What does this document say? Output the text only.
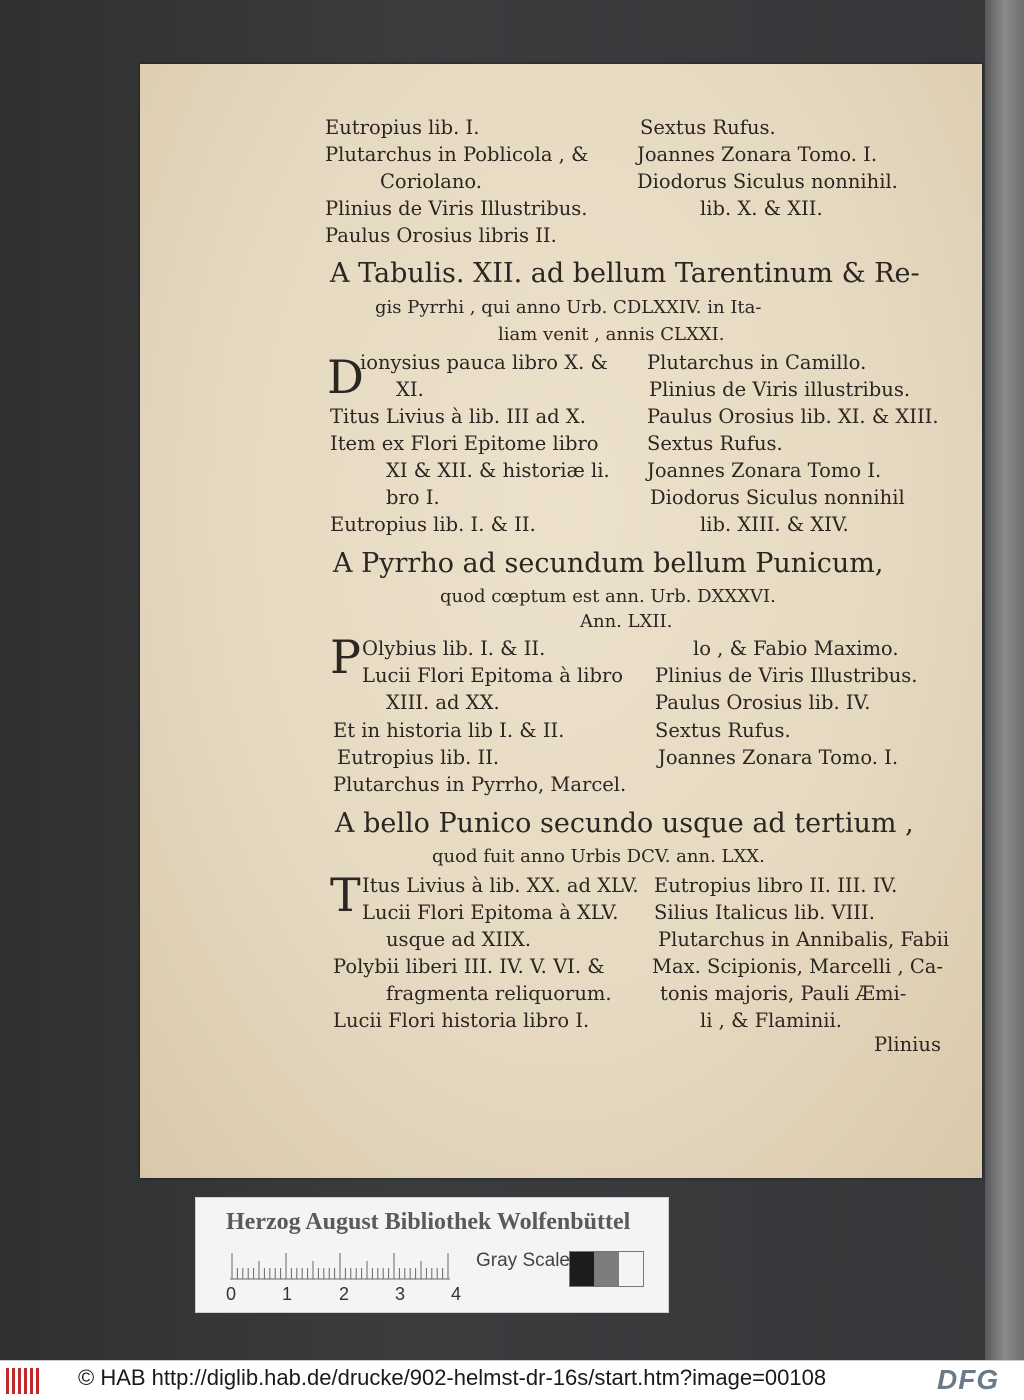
Eutropius lib. I.
Plutarchus in Poblicola , &
Coriolano.
Plinius de Viris Illustribus.
Paulus Orosius libris II.
Sextus Rufus.
Joannes Zonara Tomo. I.
Diodorus Siculus nonnihil.
lib. X. & XII.
A Tabulis. XII. ad bellum Tarentinum & Re-
gis Pyrrhi , qui anno Urb. CDLXXIV. in Ita-
liam venit , annis CLXXI.
D
ionysius pauca libro X. &
XI.
Titus Livius à lib. III ad X.
Item ex Flori Epitome libro
XI & XII. & historiæ li.
bro I.
Eutropius lib. I. & II.
Plutarchus in Camillo.
Plinius de Viris illustribus.
Paulus Orosius lib. XI. & XIII.
Sextus Rufus.
Joannes Zonara Tomo I.
Diodorus Siculus nonnihil
lib. XIII. & XIV.
A Pyrrho ad secundum bellum Punicum,
quod cœptum est ann. Urb. DXXXVI.
Ann. LXII.
P Olybius lib. I. & II.
Lucii Flori Epitoma à libro
XIII. ad XX.
Et in historia lib I. & II.
Eutropius lib. II.
Plutarchus in Pyrrho, Marcel.
lo , & Fabio Maximo.
Plinius de Viris Illustribus.
Paulus Orosius lib. IV.
Sextus Rufus.
Joannes Zonara Tomo. I.
A bello Punico secundo usque ad tertium ,
quod fuit anno Urbis DCV. ann. LXX.
T Itus Livius à lib. XX. ad XLV.
Lucii Flori Epitoma à XLV.
usque ad XIIX.
Polybii liberi III. IV. V. VI. &
fragmenta reliquorum.
Lucii Flori historia libro I.
Eutropius libro II. III. IV.
Silius Italicus lib. VIII.
Plutarchus in Annibalis, Fabii
Max. Scipionis, Marcelli , Ca-
tonis majoris, Pauli Æmi-
li , & Flaminii.
Plinius
Herzog August Bibliothek Wolfenbüttel
0	1	2	3	4
Gray Scale
© HAB http://diglib.hab.de/drucke/902-helmst-dr-16s/start.htm?image=00108	DFG
